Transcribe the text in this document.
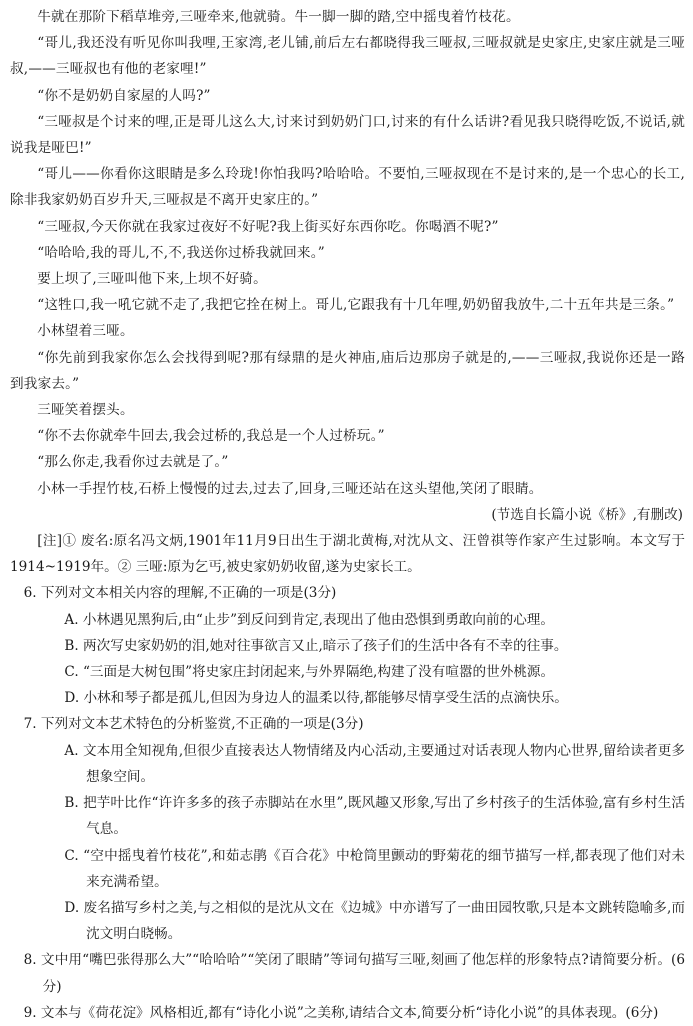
牛就在那阶下稻草堆旁,三哑牵来,他就骑。牛一脚一脚的踏,空中摇曳着竹枝花。

“哥儿,我还没有听见你叫我哩,王家湾,老儿铺,前后左右都晓得我三哑叔,三哑叔就是史家庄,史家庄就是三哑叔,——三哑叔也有他的老家哩!”

“你不是奶奶自家屋的人吗?”

“三哑叔是个讨来的哩,正是哥儿这么大,讨来讨到奶奶门口,讨来的有什么话讲?看见我只晓得吃饭,不说话,就说我是哑巴!”

“哥儿——你看你这眼睛是多么玲珑!你怕我吗?哈哈哈。不要怕,三哑叔现在不是讨来的,是一个忠心的长工,除非我家奶奶百岁升天,三哑叔是不离开史家庄的。”

“三哑叔,今天你就在我家过夜好不好呢?我上街买好东西你吃。你喝酒不呢?”

“哈哈哈,我的哥儿,不,不,我送你过桥我就回来。”

要上坝了,三哑叫他下来,上坝不好骑。

“这牲口,我一吼它就不走了,我把它拴在树上。哥儿,它跟我有十几年哩,奶奶留我放牛,二十五年共是三条。”

小林望着三哑。

“你先前到我家你怎么会找得到呢?那有绿鼎的是火神庙,庙后边那房子就是的,——三哑叔,我说你还是一路到我家去。”

三哑笑着摆头。

“你不去你就牵牛回去,我会过桥的,我总是一个人过桥玩。”

“那么你走,我看你过去就是了。”

小林一手捏竹枝,石桥上慢慢的过去,过去了,回身,三哑还站在这头望他,笑闭了眼睛。

(节选自长篇小说《桥》,有删改)

[注]① 废名:原名冯文炳,1901年11月9日出生于湖北黄梅,对沈从文、汪曾祺等作家产生过影响。本文写于1914~1919年。② 三哑:原为乞丐,被史家奶奶收留,遂为史家长工。

6. 下列对文本相关内容的理解,不正确的一项是(3分)

A. 小林遇见黑狗后,由“止步”到反问到肯定,表现出了他由恐惧到勇敢向前的心理。

B. 两次写史家奶奶的泪,她对往事欲言又止,暗示了孩子们的生活中各有不幸的往事。

C. “三面是大树包围”将史家庄封闭起来,与外界隔绝,构建了没有喧嚣的世外桃源。

D. 小林和琴子都是孤儿,但因为身边人的温柔以待,都能够尽情享受生活的点滴快乐。

7. 下列对文本艺术特色的分析鉴赏,不正确的一项是(3分)

A. 文本用全知视角,但很少直接表达人物情绪及内心活动,主要通过对话表现人物内心世界,留给读者更多想象空间。

B. 把芋叶比作“许许多多的孩子赤脚站在水里”,既风趣又形象,写出了乡村孩子的生活体验,富有乡村生活气息。

C. “空中摇曳着竹枝花”,和茹志鹃《百合花》中枪筒里颤动的野菊花的细节描写一样,都表现了他们对未来充满希望。

D. 废名描写乡村之美,与之相似的是沈从文在《边城》中亦谱写了一曲田园牧歌,只是本文跳转隐喻多,而沈文明白晓畅。

8. 文中用“嘴巴张得那么大”“哈哈哈”“笑闭了眼睛”等词句描写三哑,刻画了他怎样的形象特点?请简要分析。(6分)

9. 文本与《荷花淀》风格相近,都有“诗化小说”之美称,请结合文本,简要分析“诗化小说”的具体表现。(6分)
